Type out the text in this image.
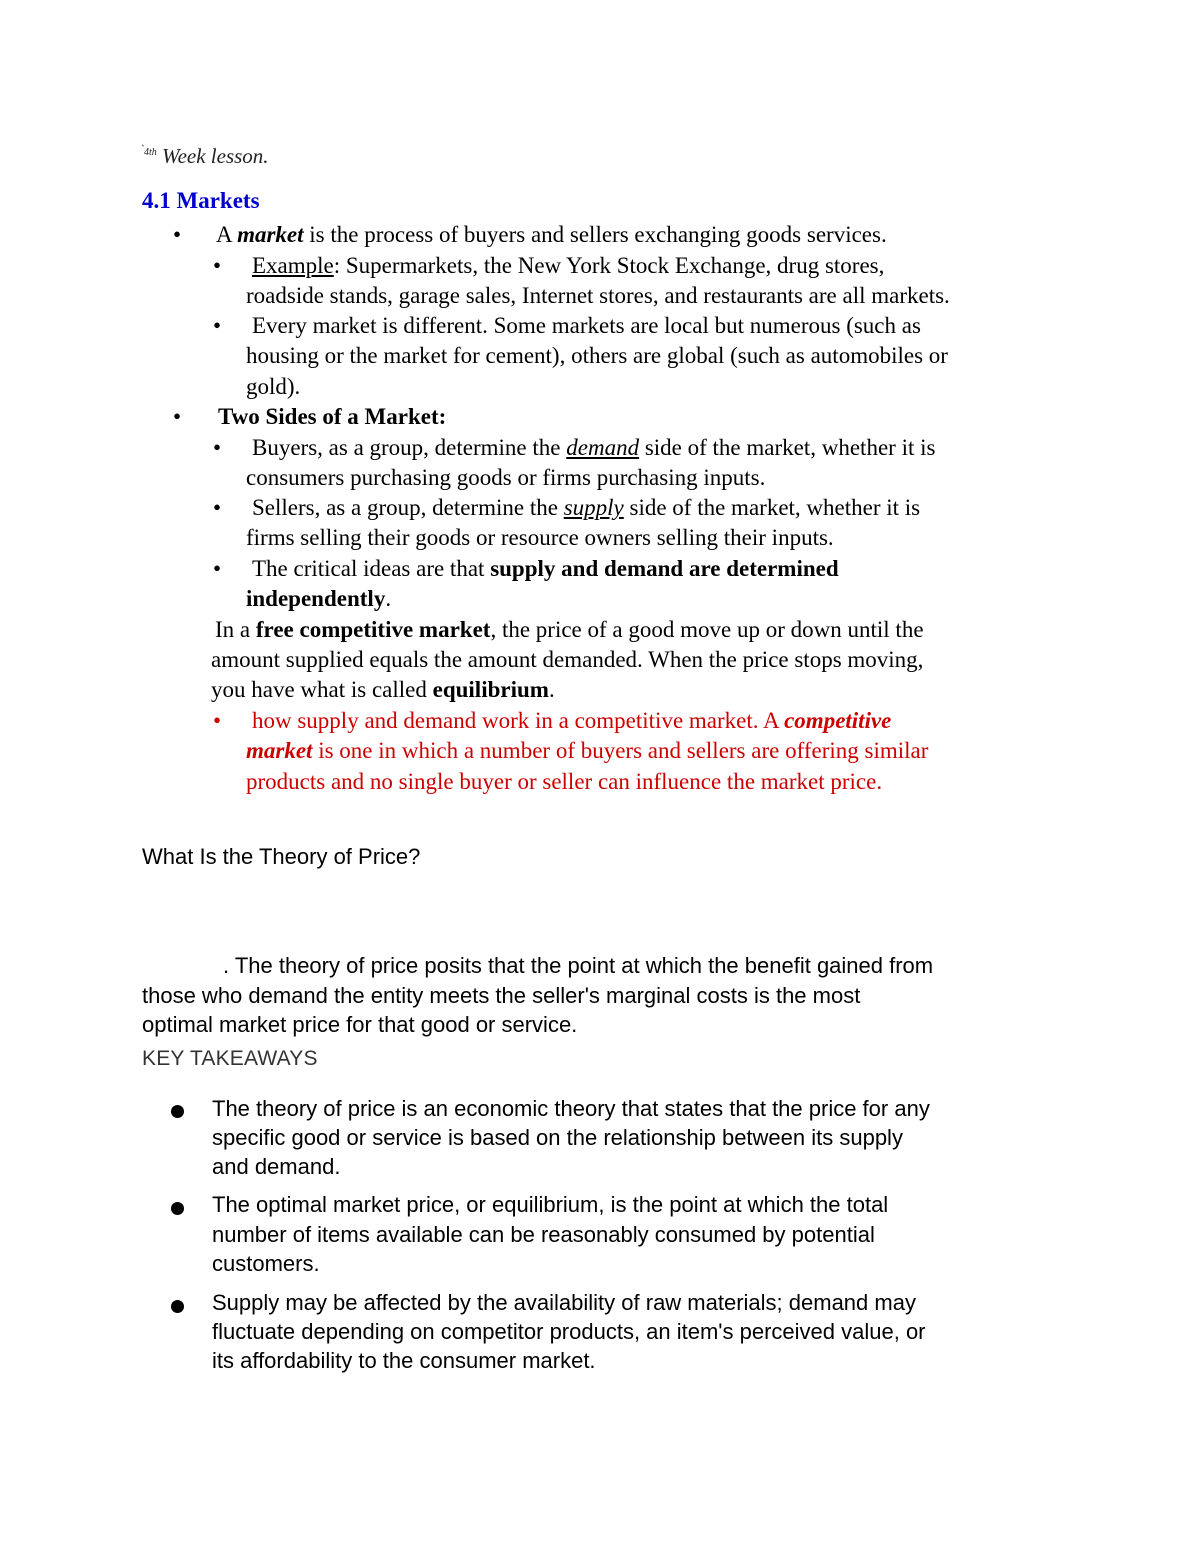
$^{`4th}$ Week lesson.
4.1 Markets
• A market is the process of buyers and sellers exchanging goods services.
• Example: Supermarkets, the New York Stock Exchange, drug stores,
roadside stands, garage sales, Internet stores, and restaurants are all markets.
• Every market is different. Some markets are local but numerous (such as
housing or the market for cement), others are global (such as automobiles or
gold).
• Two Sides of a Market:
• Buyers, as a group, determine the demand side of the market, whether it is
consumers purchasing goods or firms purchasing inputs.
• Sellers, as a group, determine the supply side of the market, whether it is
firms selling their goods or resource owners selling their inputs.
• The critical ideas are that supply and demand are determined
independently.
In a free competitive market, the price of a good move up or down until the
amount supplied equals the amount demanded. When the price stops moving,
you have what is called equilibrium.
• how supply and demand work in a competitive market. A competitive
market is one in which a number of buyers and sellers are offering similar
products and no single buyer or seller can influence the market price.
What Is the Theory of Price?
. The theory of price posits that the point at which the benefit gained from
those who demand the entity meets the seller's marginal costs is the most
optimal market price for that good or service.
KEY TAKEAWAYS
The theory of price is an economic theory that states that the price for any
specific good or service is based on the relationship between its supply
and demand.
The optimal market price, or equilibrium, is the point at which the total
number of items available can be reasonably consumed by potential
customers.
Supply may be affected by the availability of raw materials; demand may
fluctuate depending on competitor products, an item's perceived value, or
its affordability to the consumer market.
